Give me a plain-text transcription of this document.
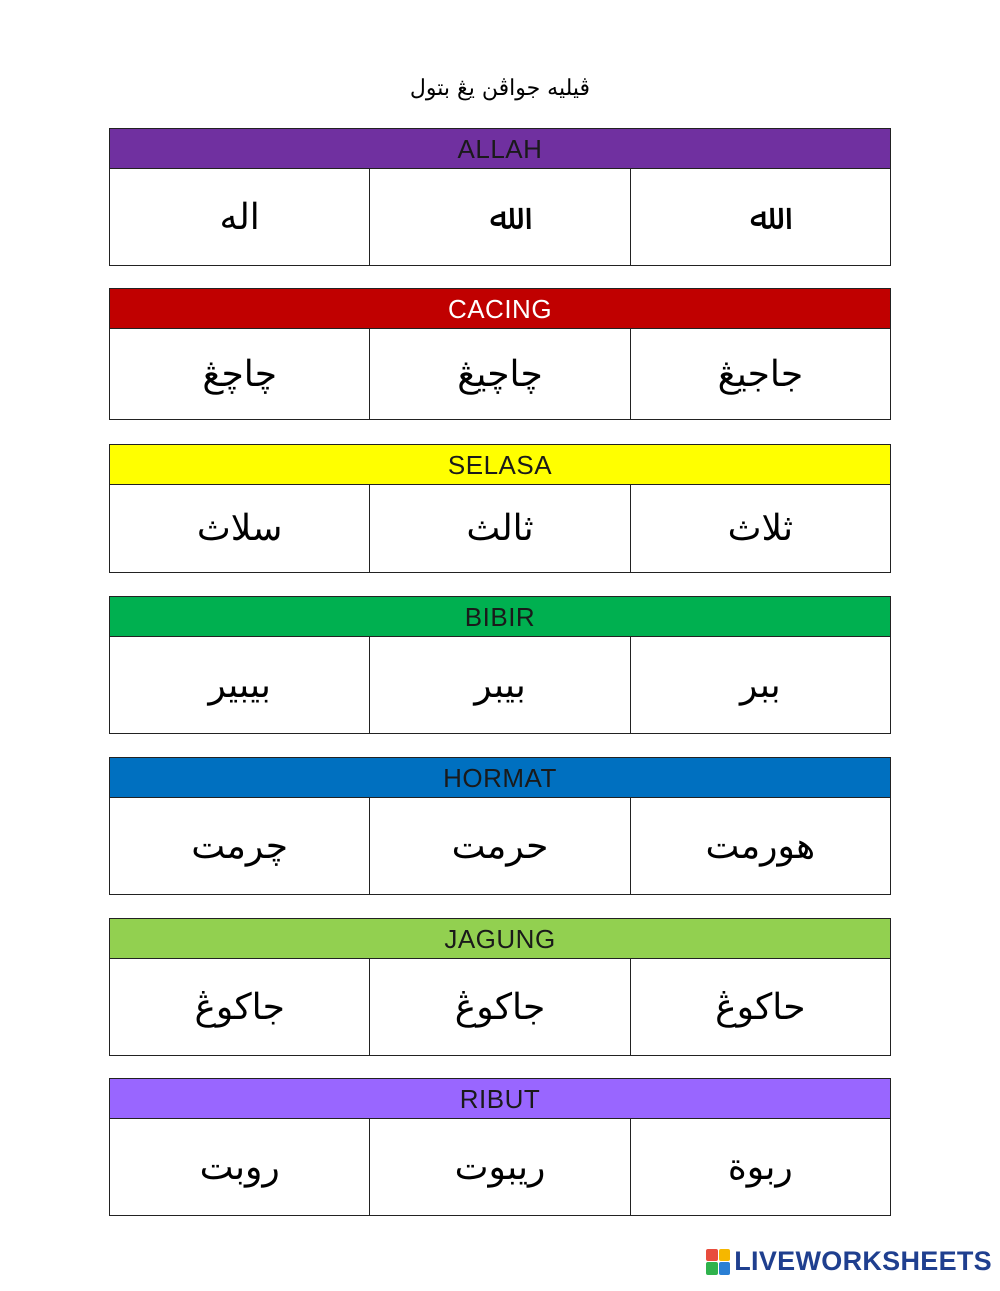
ڤيليه جواڤن يڠ بتول
ALLAH
اله	ﷲ	ﷲ
CACING
چاچڠ	چاچيڠ	جاجيڠ
SELASA
سلاث	ثالث	ثلاث
BIBIR
بيبير	بيبر	ببر
HORMAT
چرمت	حرمت	هورمت
JAGUNG
جاکوڠ	جاکوڠ	حاکوڠ
RIBUT
روبت	ريبوت	ربوة
LIVEWORKSHEETS
